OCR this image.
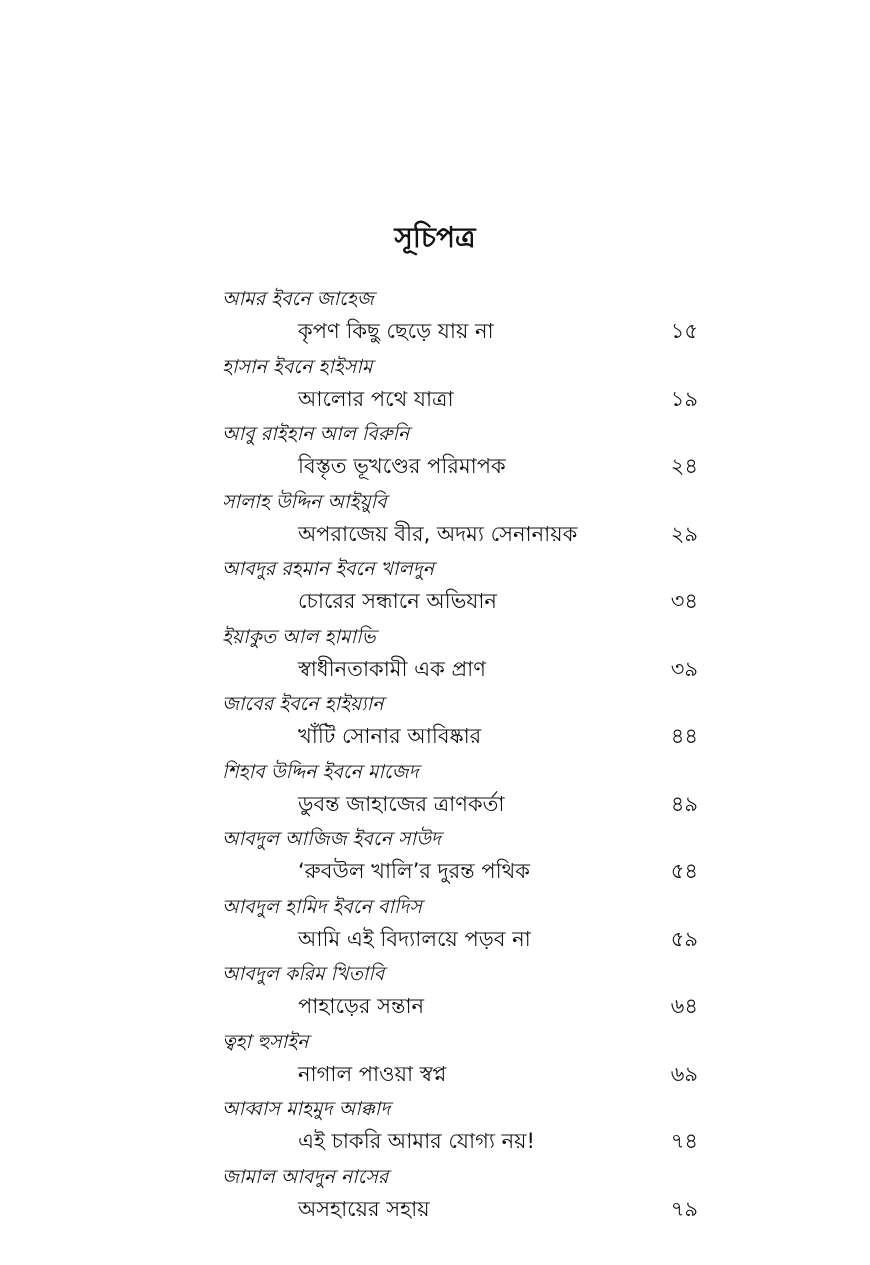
সূচিপত্র
আমর ইবনে জাহেজ
কৃপণ কিছু ছেড়ে যায় না	১৫
হাসান ইবনে হাইসাম
আলোর পথে যাত্রা	১৯
আবু রাইহান আল বিরুনি
বিস্তৃত ভূখণ্ডের পরিমাপক	২৪
সালাহ উদ্দিন আইয়ুবি
অপরাজেয় বীর, অদম্য সেনানায়ক	২৯
আবদুর রহমান ইবনে খালদুন
চোরের সন্ধানে অভিযান	৩৪
ইয়াকুত আল হামাভি
স্বাধীনতাকামী এক প্রাণ	৩৯
জাবের ইবনে হাইয়্যান
খাঁটি সোনার আবিষ্কার	৪৪
শিহাব উদ্দিন ইবনে মাজেদ
ডুবন্ত জাহাজের ত্রাণকর্তা	৪৯
আবদুল আজিজ ইবনে সাউদ
‘রুবউল খালি’র দুরন্ত পথিক	৫৪
আবদুল হামিদ ইবনে বাদিস
আমি এই বিদ্যালয়ে পড়ব না	৫৯
আবদুল করিম খিতাবি
পাহাড়ের সন্তান	৬৪
ত্বহা হুসাইন
নাগাল পাওয়া স্বপ্ন	৬৯
আব্বাস মাহমুদ আক্কাদ
এই চাকরি আমার যোগ্য নয়!	৭৪
জামাল আবদুন নাসের
অসহায়ের সহায়	৭৯
